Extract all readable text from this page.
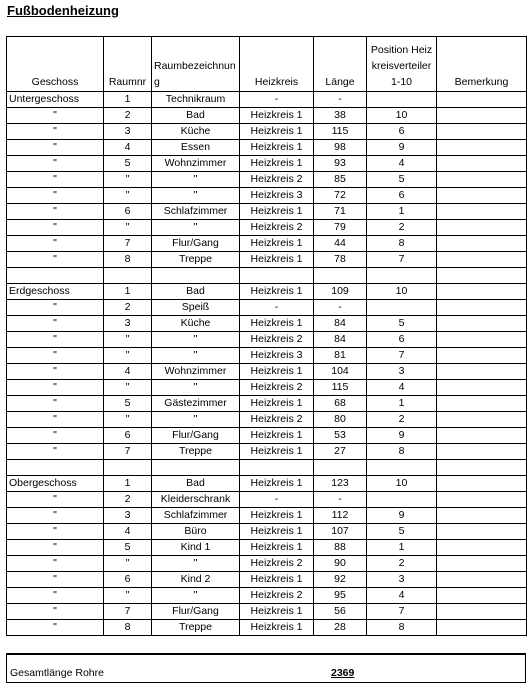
Fußbodenheizung
Geschoss	Raumnr	Raumbezeichnung	Heizkreis	Länge	Position Heizkreisverteiler 1-10	Bemerkung
Untergeschoss	1	Technikraum	-	-		
"	2	Bad	Heizkreis 1	38	10	
"	3	Küche	Heizkreis 1	115	6	
"	4	Essen	Heizkreis 1	98	9	
"	5	Wohnzimmer	Heizkreis 1	93	4	
"	"	"	Heizkreis 2	85	5	
"	"	"	Heizkreis 3	72	6	
"	6	Schlafzimmer	Heizkreis 1	71	1	
"	"	"	Heizkreis 2	79	2	
"	7	Flur/Gang	Heizkreis 1	44	8	
"	8	Treppe	Heizkreis 1	78	7	

Erdgeschoss	1	Bad	Heizkreis 1	109	10	
"	2	Speiß	-	-		
"	3	Küche	Heizkreis 1	84	5	
"	"	"	Heizkreis 2	84	6	
"	"	"	Heizkreis 3	81	7	
"	4	Wohnzimmer	Heizkreis 1	104	3	
"	"	"	Heizkreis 2	115	4	
"	5	Gästezimmer	Heizkreis 1	68	1	
"	"	"	Heizkreis 2	80	2	
"	6	Flur/Gang	Heizkreis 1	53	9	
"	7	Treppe	Heizkreis 1	27	8	

Obergeschoss	1	Bad	Heizkreis 1	123	10	
"	2	Kleiderschrank	-	-		
"	3	Schlafzimmer	Heizkreis 1	112	9	
"	4	Büro	Heizkreis 1	107	5	
"	5	Kind 1	Heizkreis 1	88	1	
"	"	"	Heizkreis 2	90	2	
"	6	Kind 2	Heizkreis 1	92	3	
"	"	"	Heizkreis 2	95	4	
"	7	Flur/Gang	Heizkreis 1	56	7	
"	8	Treppe	Heizkreis 1	28	8	
Gesamtlänge Rohre	2369
